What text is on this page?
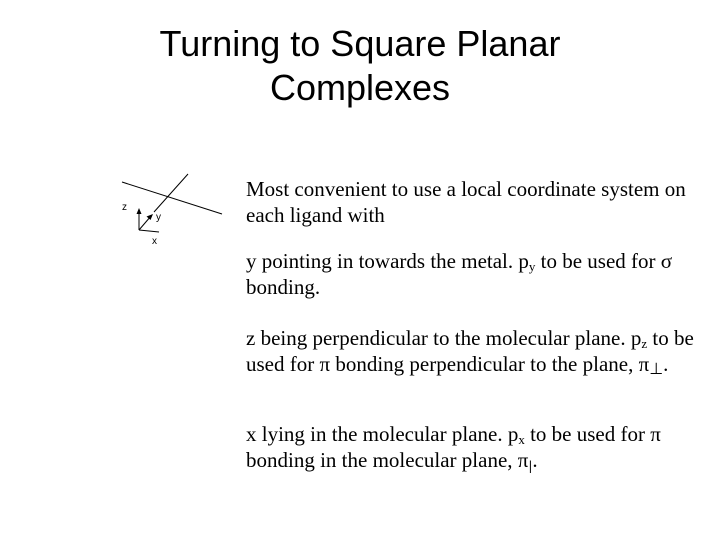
Turning to Square Planar
Complexes
z
y
x

Most convenient to use a local coordinate system on each ligand with

y pointing in towards the metal. $p_y$ to be used for σ bonding.

z being perpendicular to the molecular plane. $p_z$ to be used for π bonding perpendicular to the plane, $\pi_\perp$.

x lying in the molecular plane. $p_x$ to be used for π bonding in the molecular plane, $\pi_|$.
